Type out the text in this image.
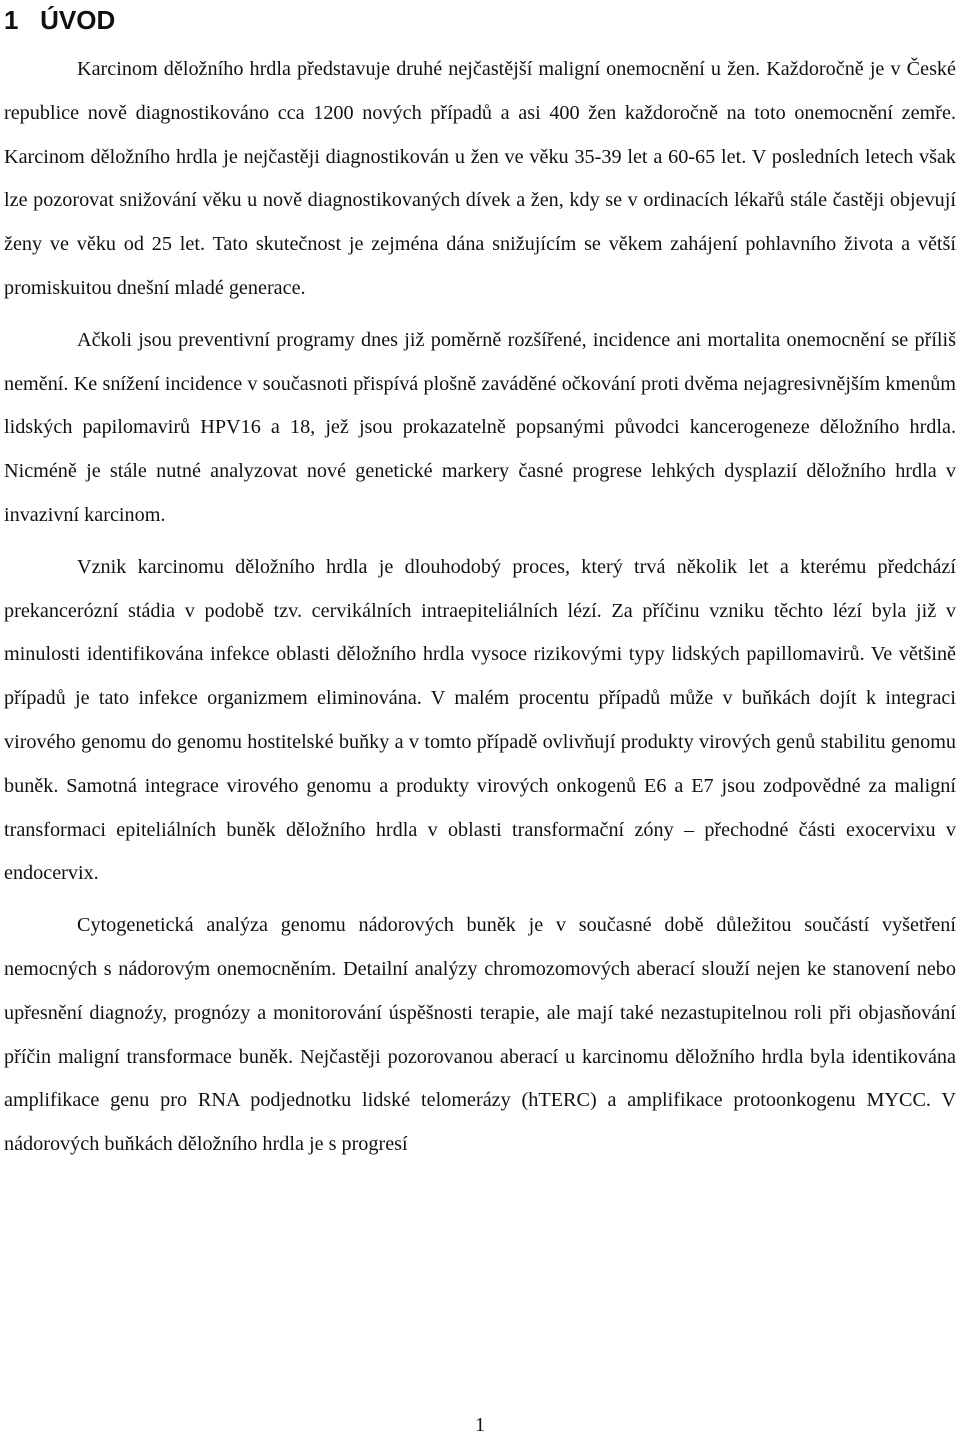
1 ÚVOD

Karcinom děložního hrdla představuje druhé nejčastější maligní onemocnění u žen. Každoročně je v České republice nově diagnostikováno cca 1200 nových případů a asi 400 žen každoročně na toto onemocnění zemře. Karcinom děložního hrdla je nejčastěji diagnostikován u žen ve věku 35-39 let a 60-65 let. V posledních letech však lze pozorovat snižování věku u nově diagnostikovaných dívek a žen, kdy se v ordinacích lékařů stále častěji objevují ženy ve věku od 25 let. Tato skutečnost je zejména dána snižujícím se věkem zahájení pohlavního života a větší promiskuitou dnešní mladé generace.

Ačkoli jsou preventivní programy dnes již poměrně rozšířené, incidence ani mortalita onemocnění se příliš nemění. Ke snížení incidence v současnoti přispívá plošně zaváděné očkování proti dvěma nejagresivnějším kmenům lidských papilomavirů HPV16 a 18, jež jsou prokazatelně popsanými původci kancerogeneze děložního hrdla. Nicméně je stále nutné analyzovat nové genetické markery časné progrese lehkých dysplazií děložního hrdla v invazivní karcinom.

Vznik karcinomu děložního hrdla je dlouhodobý proces, který trvá několik let a kterému předchází prekancerózní stádia v podobě tzv. cervikálních intraepiteliálních lézí. Za příčinu vzniku těchto lézí byla již v minulosti identifikována infekce oblasti děložního hrdla vysoce rizikovými typy lidských papillomavirů. Ve většině případů je tato infekce organizmem eliminována. V malém procentu případů může v buňkách dojít k integraci virového genomu do genomu hostitelské buňky a v tomto případě ovlivňují produkty virových genů stabilitu genomu buněk. Samotná integrace virového genomu a produkty virových onkogenů E6 a E7 jsou zodpovědné za maligní transformaci epiteliálních buněk děložního hrdla v oblasti transformační zóny – přechodné části exocervixu v endocervix.

Cytogenetická analýza genomu nádorových buněk je v současné době důležitou součástí vyšetření nemocných s nádorovým onemocněním. Detailní analýzy chromozomových aberací slouží nejen ke stanovení nebo upřesnění diagnoźy, prognózy a monitorování úspěšnosti terapie, ale mají také nezastupitelnou roli při objasňování příčin maligní transformace buněk. Nejčastěji pozorovanou aberací u karcinomu děložního hrdla byla identikována amplifikace genu pro RNA podjednotku lidské telomerázy (hTERC) a amplifikace protoonkogenu MYCC. V nádorových buňkách děložního hrdla je s progresí

1
